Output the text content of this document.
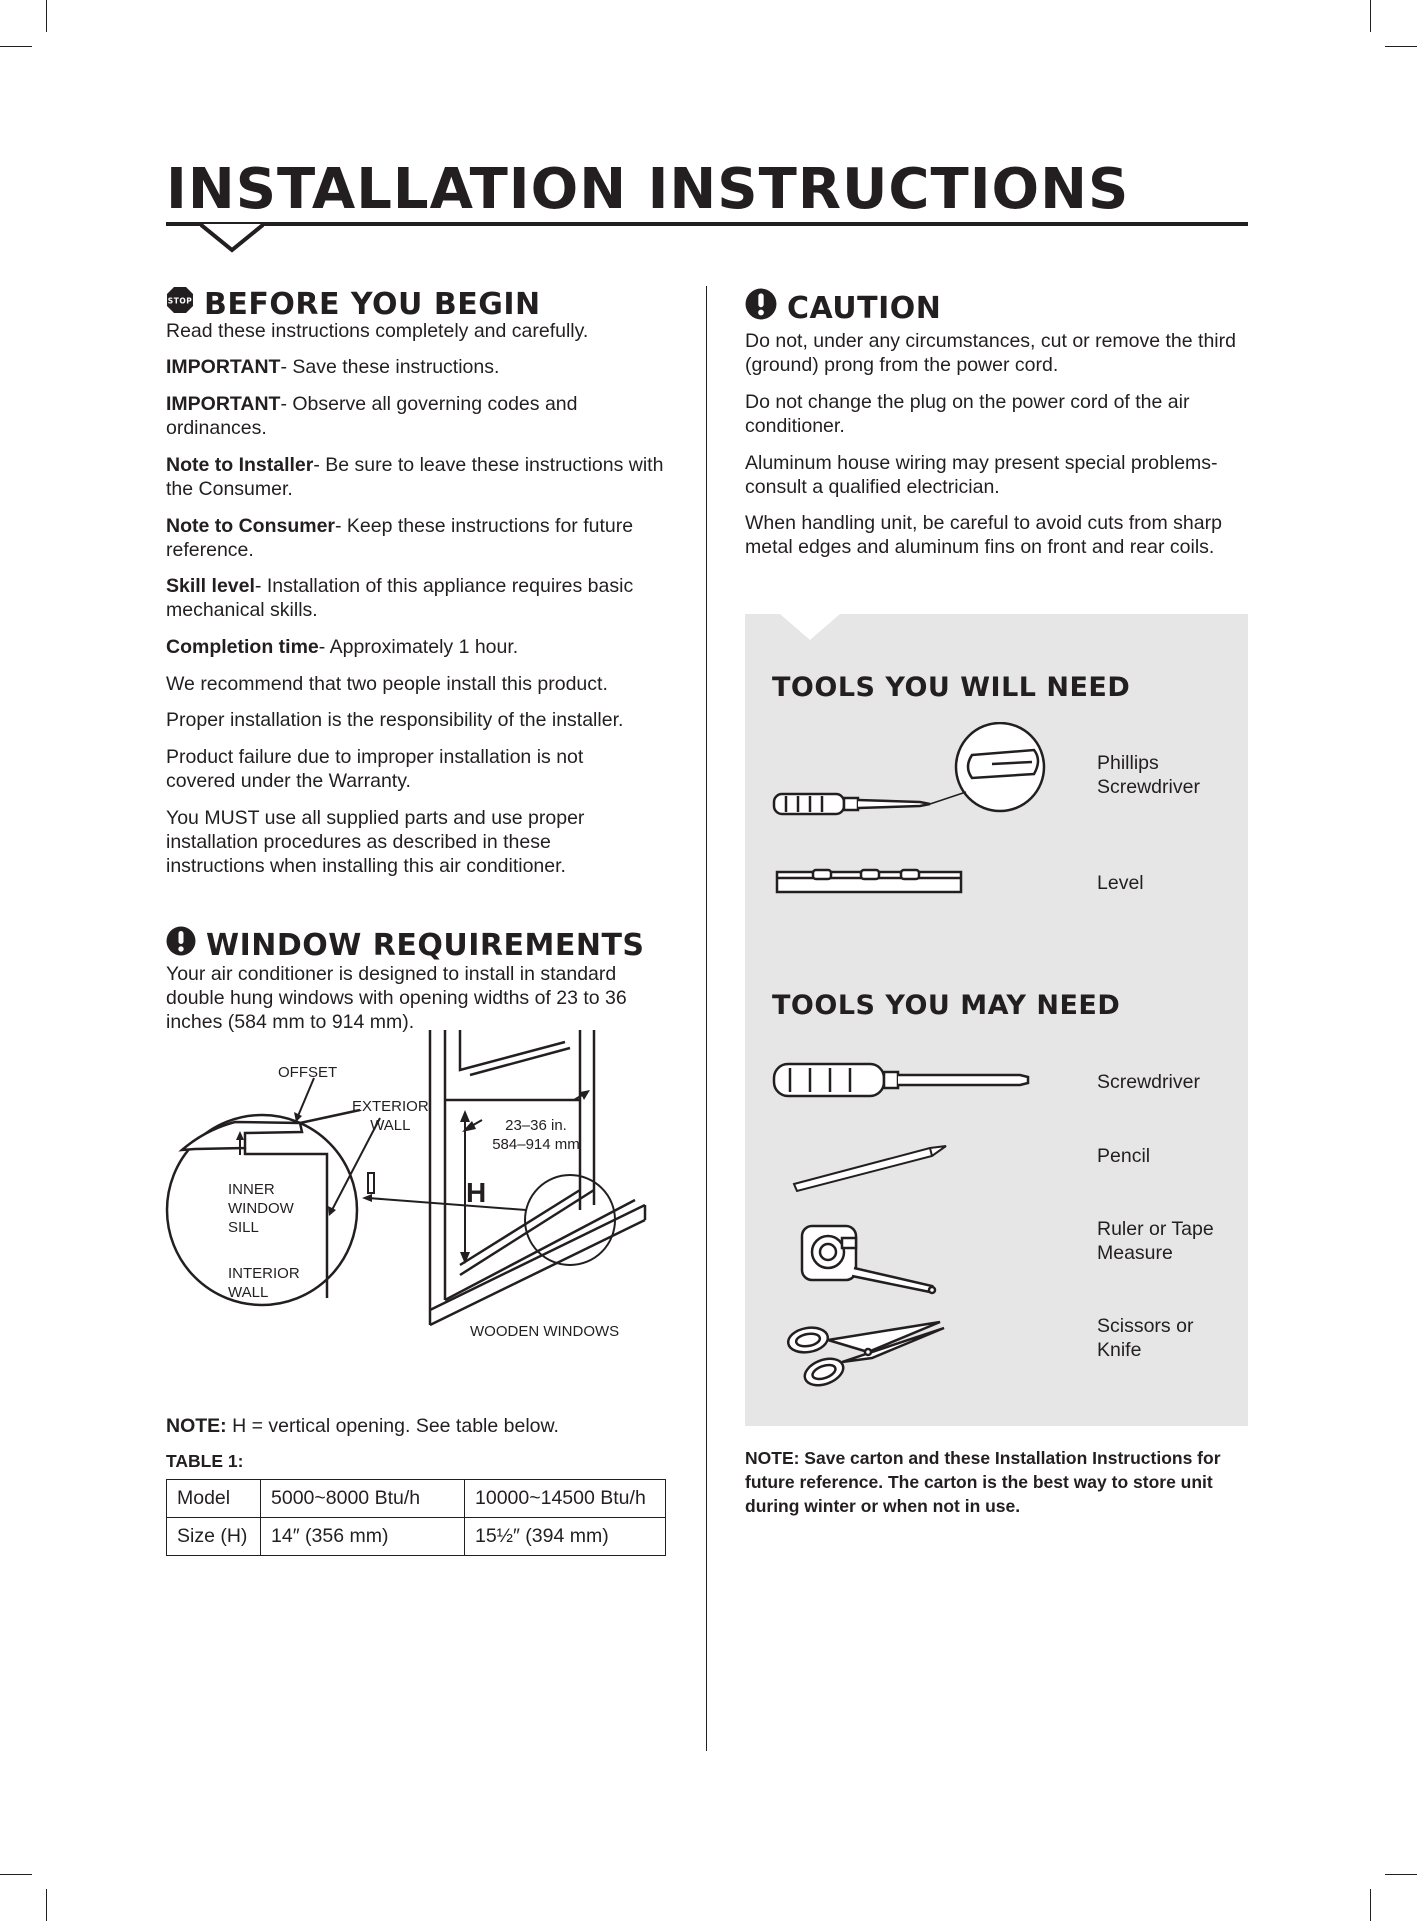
INSTALLATION INSTRUCTIONS
STOP BEFORE YOU BEGIN

Read these instructions completely and carefully.

IMPORTANT- Save these instructions.

IMPORTANT- Observe all governing codes and ordinances.

Note to Installer- Be sure to leave these instructions with the Consumer.

Note to Consumer- Keep these instructions for future reference.

Skill level- Installation of this appliance requires basic mechanical skills.

Completion time- Approximately 1 hour.

We recommend that two people install this product.

Proper installation is the responsibility of the installer.

Product failure due to improper installation is not covered under the Warranty.

You MUST use all supplied parts and use proper installation procedures as described in these instructions when installing this air conditioner.

WINDOW REQUIREMENTS

Your air conditioner is designed to install in standard double hung windows with opening widths of 23 to 36 inches (584 mm to 914 mm).

OFFSET
EXTERIOR
WALL
INNER
WINDOW
SILL
INTERIOR
WALL
23–36 in.
584–914 mm
H
WOODEN WINDOWS
NOTE: H = vertical opening. See table below.
TABLE 1:
Model	5000~8000 Btu/h	10000~14500 Btu/h
Size (H)	14″ (356 mm)	15½″ (394 mm)
CAUTION

Do not, under any circumstances, cut or remove the third (ground) prong from the power cord.

Do not change the plug on the power cord of the air conditioner.

Aluminum house wiring may present special problems- consult a qualified electrician.

When handling unit, be careful to avoid cuts from sharp metal edges and aluminum fins on front and rear coils.

TOOLS YOU WILL NEED
Phillips
Screwdriver
Level
TOOLS YOU MAY NEED
Screwdriver
Pencil
Ruler or Tape
Measure
Scissors or
Knife
NOTE: Save carton and these Installation Instructions for future reference. The carton is the best way to store unit during winter or when not in use.
